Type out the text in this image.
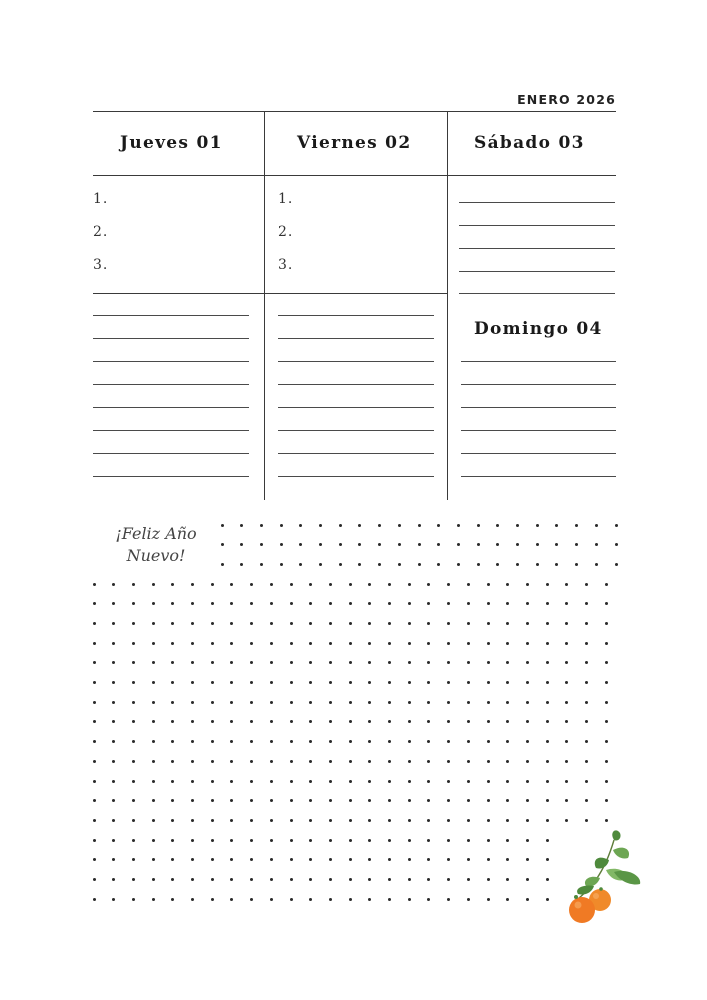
ENERO 2026
Jueves 01	Viernes 02	Sábado 03
Domingo 04
1.
2.
3.
1.
2.
3.
¡Feliz Año Nuevo!
